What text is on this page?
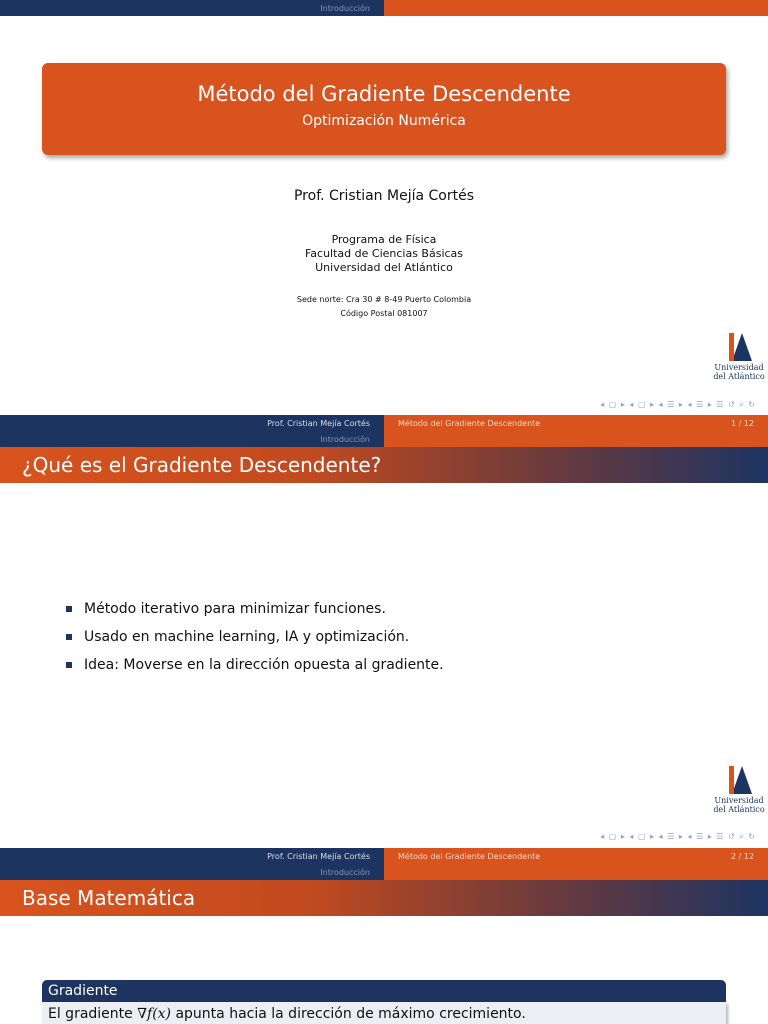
Introducción
Método del Gradiente Descendente
Optimización Numérica
Prof. Cristian Mejía Cortés
Programa de Física
Facultad de Ciencias Básicas
Universidad del Atlántico
Sede norte: Cra 30 # 8-49 Puerto Colombia
Código Postal 081007
Universidad
del Atlántico
◂ ▢ ▸ ◂ ▢ ▸ ◂ ☰ ▸ ◂ ☰ ▸ ☰ ↺ ⌕ ↻
Prof. Cristian Mejía Cortés	Método del Gradiente Descendente	1 / 12
Introducción
¿Qué es el Gradiente Descendente?
Método iterativo para minimizar funciones.
Usado en machine learning, IA y optimización.
Idea: Moverse en la dirección opuesta al gradiente.
Universidad
del Atlántico
◂ ▢ ▸ ◂ ▢ ▸ ◂ ☰ ▸ ◂ ☰ ▸ ☰ ↺ ⌕ ↻
Prof. Cristian Mejía Cortés	Método del Gradiente Descendente	2 / 12
Introducción
Base Matemática
Gradiente
El gradiente ∇f(x) apunta hacia la dirección de máximo crecimiento.
